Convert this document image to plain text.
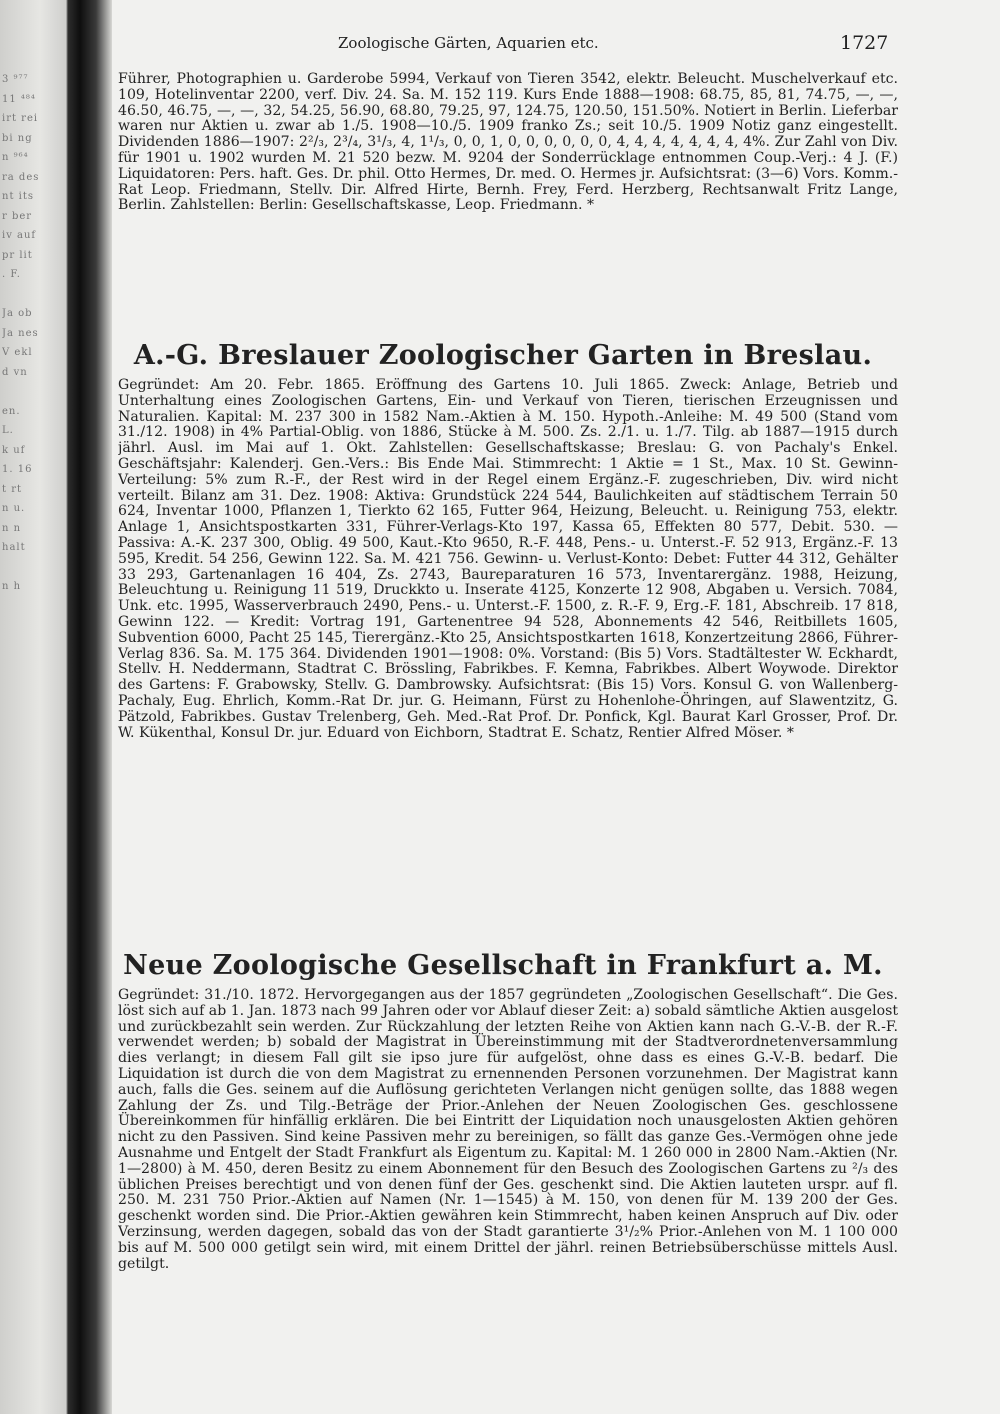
3 ⁹⁷⁷
11 ⁴⁸⁴
irt rei
bi ng
n ⁹⁶⁴
ra des
nt its
r ber
iv auf
pr lit
. F.

Ja ob
Ja nes
V ekl
d vn

en.
L.
k uf
1. 16
t rt
n u.
n n
halt

n h
Zoologische Gärten, Aquarien etc.	1727

Führer, Photographien u. Garderobe 5994, Verkauf von Tieren 3542, elektr. Beleucht. Muschelverkauf etc. 109, Hotelinventar 2200, verf. Div. 24. Sa. M. 152 119. Kurs Ende 1888—1908: 68.75, 85, 81, 74.75, —, —, 46.50, 46.75, —, —, 32, 54.25, 56.90, 68.80, 79.25, 97, 124.75, 120.50, 151.50%. Notiert in Berlin. Lieferbar waren nur Aktien u. zwar ab 1./5. 1908—10./5. 1909 franko Zs.; seit 10./5. 1909 Notiz ganz eingestellt. Dividenden 1886—1907: 2²/₃, 2³/₄, 3¹/₃, 4, 1¹/₃, 0, 0, 1, 0, 0, 0, 0, 0, 0, 4, 4, 4, 4, 4, 4, 4, 4%. Zur Zahl von Div. für 1901 u. 1902 wurden M. 21 520 bezw. M. 9204 der Sonderrücklage entnommen Coup.-Verj.: 4 J. (F.) Liquidatoren: Pers. haft. Ges. Dr. phil. Otto Hermes, Dr. med. O. Hermes jr. Aufsichtsrat: (3—6) Vors. Komm.-Rat Leop. Friedmann, Stellv. Dir. Alfred Hirte, Bernh. Frey, Ferd. Herzberg, Rechtsanwalt Fritz Lange, Berlin. Zahlstellen: Berlin: Gesellschaftskasse, Leop. Friedmann. *

A.-G. Breslauer Zoologischer Garten in Breslau.

Gegründet: Am 20. Febr. 1865. Eröffnung des Gartens 10. Juli 1865. Zweck: Anlage, Betrieb und Unterhaltung eines Zoologischen Gartens, Ein- und Verkauf von Tieren, tierischen Erzeugnissen und Naturalien. Kapital: M. 237 300 in 1582 Nam.-Aktien à M. 150. Hypoth.-Anleihe: M. 49 500 (Stand vom 31./12. 1908) in 4% Partial-Oblig. von 1886, Stücke à M. 500. Zs. 2./1. u. 1./7. Tilg. ab 1887—1915 durch jährl. Ausl. im Mai auf 1. Okt. Zahlstellen: Gesellschaftskasse; Breslau: G. von Pachaly's Enkel. Geschäftsjahr: Kalenderj. Gen.-Vers.: Bis Ende Mai. Stimmrecht: 1 Aktie = 1 St., Max. 10 St. Gewinn-Verteilung: 5% zum R.-F., der Rest wird in der Regel einem Ergänz.-F. zugeschrieben, Div. wird nicht verteilt. Bilanz am 31. Dez. 1908: Aktiva: Grundstück 224 544, Baulichkeiten auf städtischem Terrain 50 624, Inventar 1000, Pflanzen 1, Tierkto 62 165, Futter 964, Heizung, Beleucht. u. Reinigung 753, elektr. Anlage 1, Ansichtspostkarten 331, Führer-Verlags-Kto 197, Kassa 65, Effekten 80 577, Debit. 530. — Passiva: A.-K. 237 300, Oblig. 49 500, Kaut.-Kto 9650, R.-F. 448, Pens.- u. Unterst.-F. 52 913, Ergänz.-F. 13 595, Kredit. 54 256, Gewinn 122. Sa. M. 421 756. Gewinn- u. Verlust-Konto: Debet: Futter 44 312, Gehälter 33 293, Gartenanlagen 16 404, Zs. 2743, Baureparaturen 16 573, Inventarergänz. 1988, Heizung, Beleuchtung u. Reinigung 11 519, Druckkto u. Inserate 4125, Konzerte 12 908, Abgaben u. Versich. 7084, Unk. etc. 1995, Wasserverbrauch 2490, Pens.- u. Unterst.-F. 1500, z. R.-F. 9, Erg.-F. 181, Abschreib. 17 818, Gewinn 122. — Kredit: Vortrag 191, Gartenentree 94 528, Abonnements 42 546, Reitbillets 1605, Subvention 6000, Pacht 25 145, Tierergänz.-Kto 25, Ansichtspostkarten 1618, Konzertzeitung 2866, Führer-Verlag 836. Sa. M. 175 364. Dividenden 1901—1908: 0%. Vorstand: (Bis 5) Vors. Stadtältester W. Eckhardt, Stellv. H. Neddermann, Stadtrat C. Brössling, Fabrikbes. F. Kemna, Fabrikbes. Albert Woywode. Direktor des Gartens: F. Grabowsky, Stellv. G. Dambrowsky. Aufsichtsrat: (Bis 15) Vors. Konsul G. von Wallenberg-Pachaly, Eug. Ehrlich, Komm.-Rat Dr. jur. G. Heimann, Fürst zu Hohenlohe-Öhringen, auf Slawentzitz, G. Pätzold, Fabrikbes. Gustav Trelenberg, Geh. Med.-Rat Prof. Dr. Ponfick, Kgl. Baurat Karl Grosser, Prof. Dr. W. Kükenthal, Konsul Dr. jur. Eduard von Eichborn, Stadtrat E. Schatz, Rentier Alfred Möser. *

Neue Zoologische Gesellschaft in Frankfurt a. M.

Gegründet: 31./10. 1872. Hervorgegangen aus der 1857 gegründeten „Zoologischen Gesellschaft“. Die Ges. löst sich auf ab 1. Jan. 1873 nach 99 Jahren oder vor Ablauf dieser Zeit: a) sobald sämtliche Aktien ausgelost und zurückbezahlt sein werden. Zur Rückzahlung der letzten Reihe von Aktien kann nach G.-V.-B. der R.-F. verwendet werden; b) sobald der Magistrat in Übereinstimmung mit der Stadtverordnetenversammlung dies verlangt; in diesem Fall gilt sie ipso jure für aufgelöst, ohne dass es eines G.-V.-B. bedarf. Die Liquidation ist durch die von dem Magistrat zu ernennenden Personen vorzunehmen. Der Magistrat kann auch, falls die Ges. seinem auf die Auflösung gerichteten Verlangen nicht genügen sollte, das 1888 wegen Zahlung der Zs. und Tilg.-Beträge der Prior.-Anlehen der Neuen Zoologischen Ges. geschlossene Übereinkommen für hinfällig erklären. Die bei Eintritt der Liquidation noch unausgelosten Aktien gehören nicht zu den Passiven. Sind keine Passiven mehr zu bereinigen, so fällt das ganze Ges.-Vermögen ohne jede Ausnahme und Entgelt der Stadt Frankfurt als Eigentum zu. Kapital: M. 1 260 000 in 2800 Nam.-Aktien (Nr. 1—2800) à M. 450, deren Besitz zu einem Abonnement für den Besuch des Zoologischen Gartens zu ²/₃ des üblichen Preises berechtigt und von denen fünf der Ges. geschenkt sind. Die Aktien lauteten urspr. auf fl. 250. M. 231 750 Prior.-Aktien auf Namen (Nr. 1—1545) à M. 150, von denen für M. 139 200 der Ges. geschenkt worden sind. Die Prior.-Aktien gewähren kein Stimmrecht, haben keinen Anspruch auf Div. oder Verzinsung, werden dagegen, sobald das von der Stadt garantierte 3¹/₂% Prior.-Anlehen von M. 1 100 000 bis auf M. 500 000 getilgt sein wird, mit einem Drittel der jährl. reinen Betriebsüberschüsse mittels Ausl. getilgt.
